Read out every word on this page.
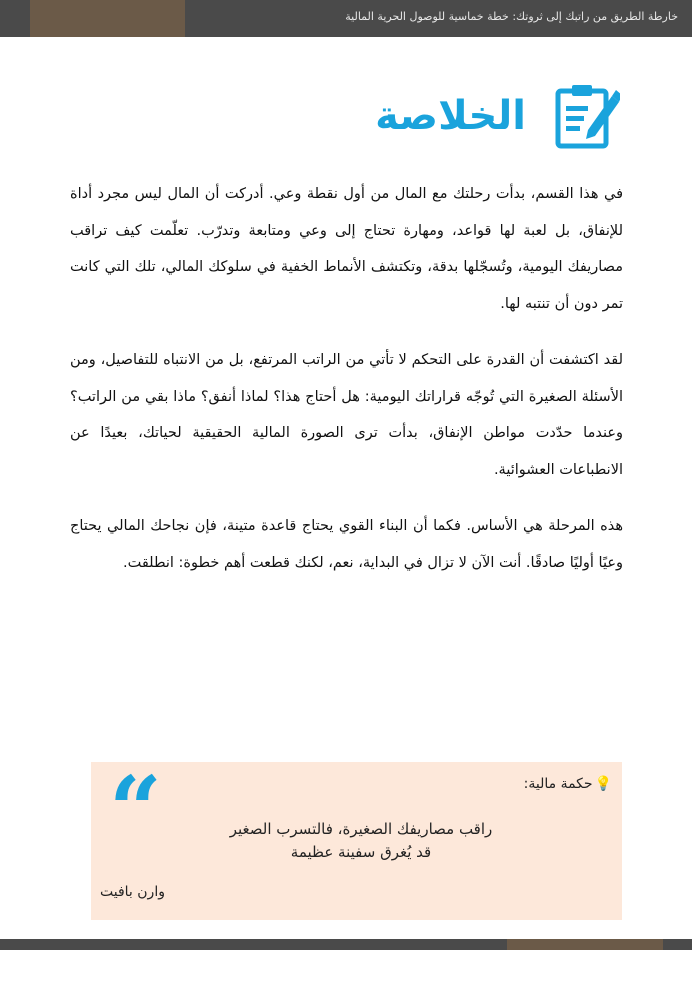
خارطة الطريق من راتبك إلى ثروتك: خطة خماسية للوصول الحرية المالية
الخلاصة

في هذا القسم، بدأت رحلتك مع المال من أول نقطة وعي. أدركت أن المال ليس مجرد أداة للإنفاق، بل لعبة لها قواعد، ومهارة تحتاج إلى وعي ومتابعة وتدرّب. تعلّمت كيف تراقب مصاريفك اليومية، وتُسجّلها بدقة، وتكتشف الأنماط الخفية في سلوكك المالي، تلك التي كانت تمر دون أن تنتبه لها.

لقد اكتشفت أن القدرة على التحكم لا تأتي من الراتب المرتفع، بل من الانتباه للتفاصيل، ومن الأسئلة الصغيرة التي تُوجّه قراراتك اليومية: هل أحتاج هذا؟ لماذا أنفق؟ ماذا بقي من الراتب؟ وعندما حدّدت مواطن الإنفاق، بدأت ترى الصورة المالية الحقيقية لحياتك، بعيدًا عن الانطباعات العشوائية.

هذه المرحلة هي الأساس. فكما أن البناء القوي يحتاج قاعدة متينة، فإن نجاحك المالي يحتاج وعيًا أوليًا صادقًا. أنت الآن لا تزال في البداية، نعم، لكنك قطعت أهم خطوة: انطلقت.

💡
حكمة مالية:
“	راقب مصاريفك الصغيرة، فالتسرب الصغير
قد يُغرق سفينة عظيمة
وارن بافيت
